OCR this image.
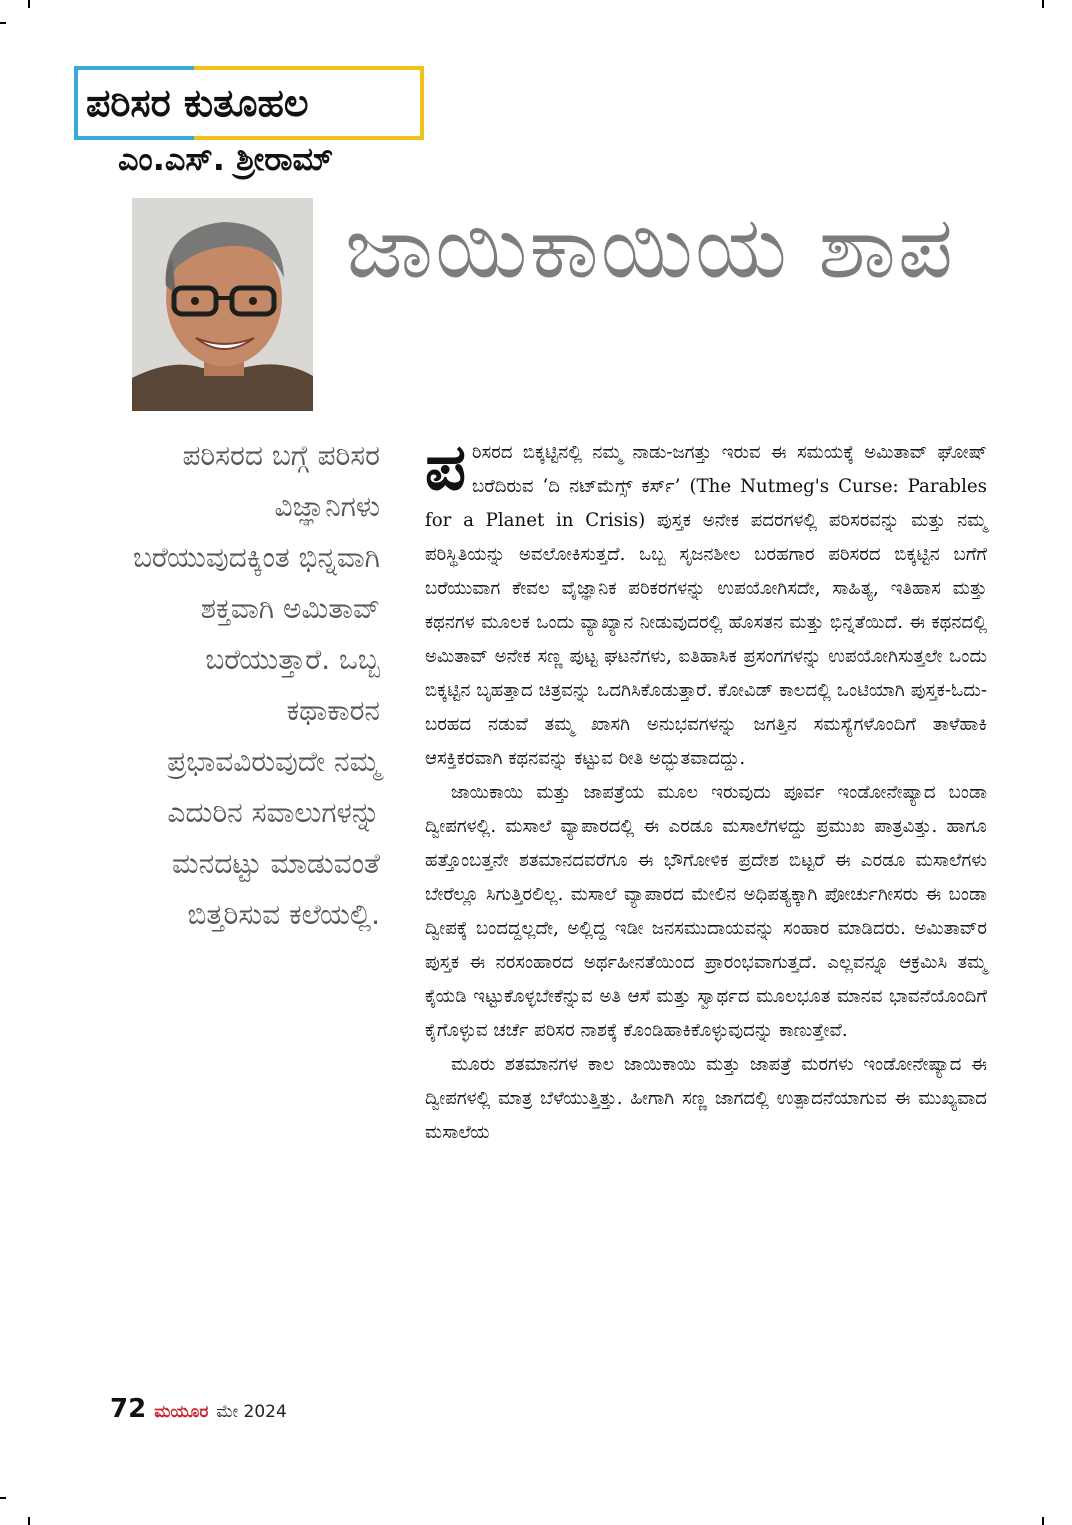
ಪರಿಸರ ಕುತೂಹಲ
ಎಂ.ಎಸ್. ಶ್ರೀರಾಮ್
ಜಾಯಿಕಾಯಿಯ ಶಾಪ
ಪರಿಸರದ ಬಗ್ಗೆ ಪರಿಸರ ವಿಜ್ಞಾನಿಗಳು ಬರೆಯುವುದಕ್ಕಿಂತ ಭಿನ್ನವಾಗಿ ಶಕ್ತವಾಗಿ ಅಮಿತಾವ್ ಬರೆಯುತ್ತಾರೆ. ಒಬ್ಬ ಕಥಾಕಾರನ ಪ್ರಭಾವವಿರುವುದೇ ನಮ್ಮ ಎದುರಿನ ಸವಾಲುಗಳನ್ನು ಮನದಟ್ಟು ಮಾಡುವಂತೆ ಬಿತ್ತರಿಸುವ ಕಲೆಯಲ್ಲಿ.

ಪರಿಸರದ ಬಿಕ್ಕಟ್ಟಿನಲ್ಲಿ ನಮ್ಮ ನಾಡು-ಜಗತ್ತು ಇರುವ ಈ ಸಮಯಕ್ಕೆ ಅಮಿತಾವ್ ಘೋಷ್ ಬರೆದಿರುವ ‘ದಿ ನಟ್‌ಮೆಗ್ಸ್ ಕರ್ಸ್’ (The Nutmeg's Curse: Parables for a Planet in Crisis) ಪುಸ್ತಕ ಅನೇಕ ಪದರಗಳಲ್ಲಿ ಪರಿಸರವನ್ನು ಮತ್ತು ನಮ್ಮ ಪರಿಸ್ಥಿತಿಯನ್ನು ಅವಲೋಕಿಸುತ್ತದೆ. ಒಬ್ಬ ಸೃಜನಶೀಲ ಬರಹಗಾರ ಪರಿಸರದ ಬಿಕ್ಕಟ್ಟಿನ ಬಗೆಗೆ ಬರೆಯುವಾಗ ಕೇವಲ ವೈಜ್ಞಾನಿಕ ಪರಿಕರಗಳನ್ನು ಉಪಯೋಗಿಸದೇ, ಸಾಹಿತ್ಯ, ಇತಿಹಾಸ ಮತ್ತು ಕಥನಗಳ ಮೂಲಕ ಒಂದು ವ್ಯಾಖ್ಯಾನ ನೀಡುವುದರಲ್ಲಿ ಹೊಸತನ ಮತ್ತು ಭಿನ್ನತೆಯಿದೆ. ಈ ಕಥನದಲ್ಲಿ ಅಮಿತಾವ್ ಅನೇಕ ಸಣ್ಣ ಪುಟ್ಟ ಘಟನೆಗಳು, ಐತಿಹಾಸಿಕ ಪ್ರಸಂಗಗಳನ್ನು ಉಪಯೋಗಿಸುತ್ತಲೇ ಒಂದು ಬಿಕ್ಕಟ್ಟಿನ ಬೃಹತ್ತಾದ ಚಿತ್ರವನ್ನು ಒದಗಿಸಿಕೊಡುತ್ತಾರೆ. ಕೋವಿಡ್ ಕಾಲದಲ್ಲಿ ಒಂಟಿಯಾಗಿ ಪುಸ್ತಕ-ಓದು-ಬರಹದ ನಡುವೆ ತಮ್ಮ ಖಾಸಗಿ ಅನುಭವಗಳನ್ನು ಜಗತ್ತಿನ ಸಮಸ್ಯೆಗಳೊಂದಿಗೆ ತಾಳೆಹಾಕಿ ಆಸಕ್ತಿಕರವಾಗಿ ಕಥನವನ್ನು ಕಟ್ಟುವ ರೀತಿ ಅದ್ಭುತವಾದದ್ದು.

ಜಾಯಿಕಾಯಿ ಮತ್ತು ಜಾಪತ್ರೆಯ ಮೂಲ ಇರುವುದು ಪೂರ್ವ ಇಂಡೋನೇಷ್ಯಾದ ಬಂಡಾ ದ್ವೀಪಗಳಲ್ಲಿ. ಮಸಾಲೆ ವ್ಯಾಪಾರದಲ್ಲಿ ಈ ಎರಡೂ ಮಸಾಲೆಗಳದ್ದು ಪ್ರಮುಖ ಪಾತ್ರವಿತ್ತು. ಹಾಗೂ ಹತ್ತೊಂಬತ್ತನೇ ಶತಮಾನದವರೆಗೂ ಈ ಭೌಗೋಳಿಕ ಪ್ರದೇಶ ಬಿಟ್ಟರೆ ಈ ಎರಡೂ ಮಸಾಲೆಗಳು ಬೇರೆಲ್ಲೂ ಸಿಗುತ್ತಿರಲಿಲ್ಲ. ಮಸಾಲೆ ವ್ಯಾಪಾರದ ಮೇಲಿನ ಅಧಿಪತ್ಯಕ್ಕಾಗಿ ಪೋರ್ಚುಗೀಸರು ಈ ಬಂಡಾ ದ್ವೀಪಕ್ಕೆ ಬಂದದ್ದಲ್ಲದೇ, ಅಲ್ಲಿದ್ದ ಇಡೀ ಜನಸಮುದಾಯವನ್ನು ಸಂಹಾರ ಮಾಡಿದರು. ಅಮಿತಾವ್‌ರ ಪುಸ್ತಕ ಈ ನರಸಂಹಾರದ ಅರ್ಥಹೀನತೆಯಿಂದ ಪ್ರಾರಂಭವಾಗುತ್ತದೆ. ಎಲ್ಲವನ್ನೂ ಆಕ್ರಮಿಸಿ ತಮ್ಮ ಕೈಯಡಿ ಇಟ್ಟುಕೊಳ್ಳಬೇಕೆನ್ನುವ ಅತಿ ಆಸೆ ಮತ್ತು ಸ್ವಾರ್ಥದ ಮೂಲಭೂತ ಮಾನವ ಭಾವನೆಯೊಂದಿಗೆ ಕೈಗೊಳ್ಳುವ ಚರ್ಚೆ ಪರಿಸರ ನಾಶಕ್ಕೆ ಕೊಂಡಿಹಾಕಿಕೊಳ್ಳುವುದನ್ನು ಕಾಣುತ್ತೇವೆ.

ಮೂರು ಶತಮಾನಗಳ ಕಾಲ ಜಾಯಿಕಾಯಿ ಮತ್ತು ಜಾಪತ್ರೆ ಮರಗಳು ಇಂಡೋನೇಷ್ಯಾದ ಈ ದ್ವೀಪಗಳಲ್ಲಿ ಮಾತ್ರ ಬೆಳೆಯುತ್ತಿತ್ತು. ಹೀಗಾಗಿ ಸಣ್ಣ ಜಾಗದಲ್ಲಿ ಉತ್ಪಾದನೆಯಾಗುವ ಈ ಮುಖ್ಯವಾದ ಮಸಾಲೆಯ

72 ಮಯೂರ ಮೇ 2024
